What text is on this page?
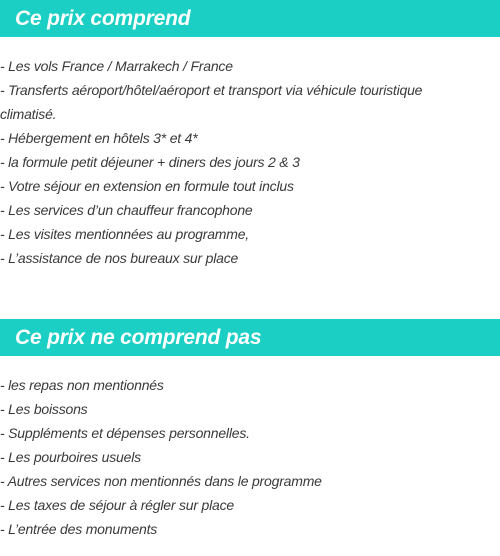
Ce prix comprend
- Les vols France / Marrakech / France
- Transferts aéroport/hôtel/aéroport et transport via véhicule touristique climatisé.
- Hébergement en hôtels 3* et 4*
- la formule petit déjeuner + diners des jours 2 & 3
- Votre séjour en extension en formule tout inclus
- Les services d’un chauffeur francophone
- Les visites mentionnées au programme,
- L’assistance de nos bureaux sur place
Ce prix ne comprend pas
- les repas non mentionnés
- Les boissons
- Suppléments et dépenses personnelles.
- Les pourboires usuels
- Autres services non mentionnés dans le programme
- Les taxes de séjour à régler sur place
- L’entrée des monuments
